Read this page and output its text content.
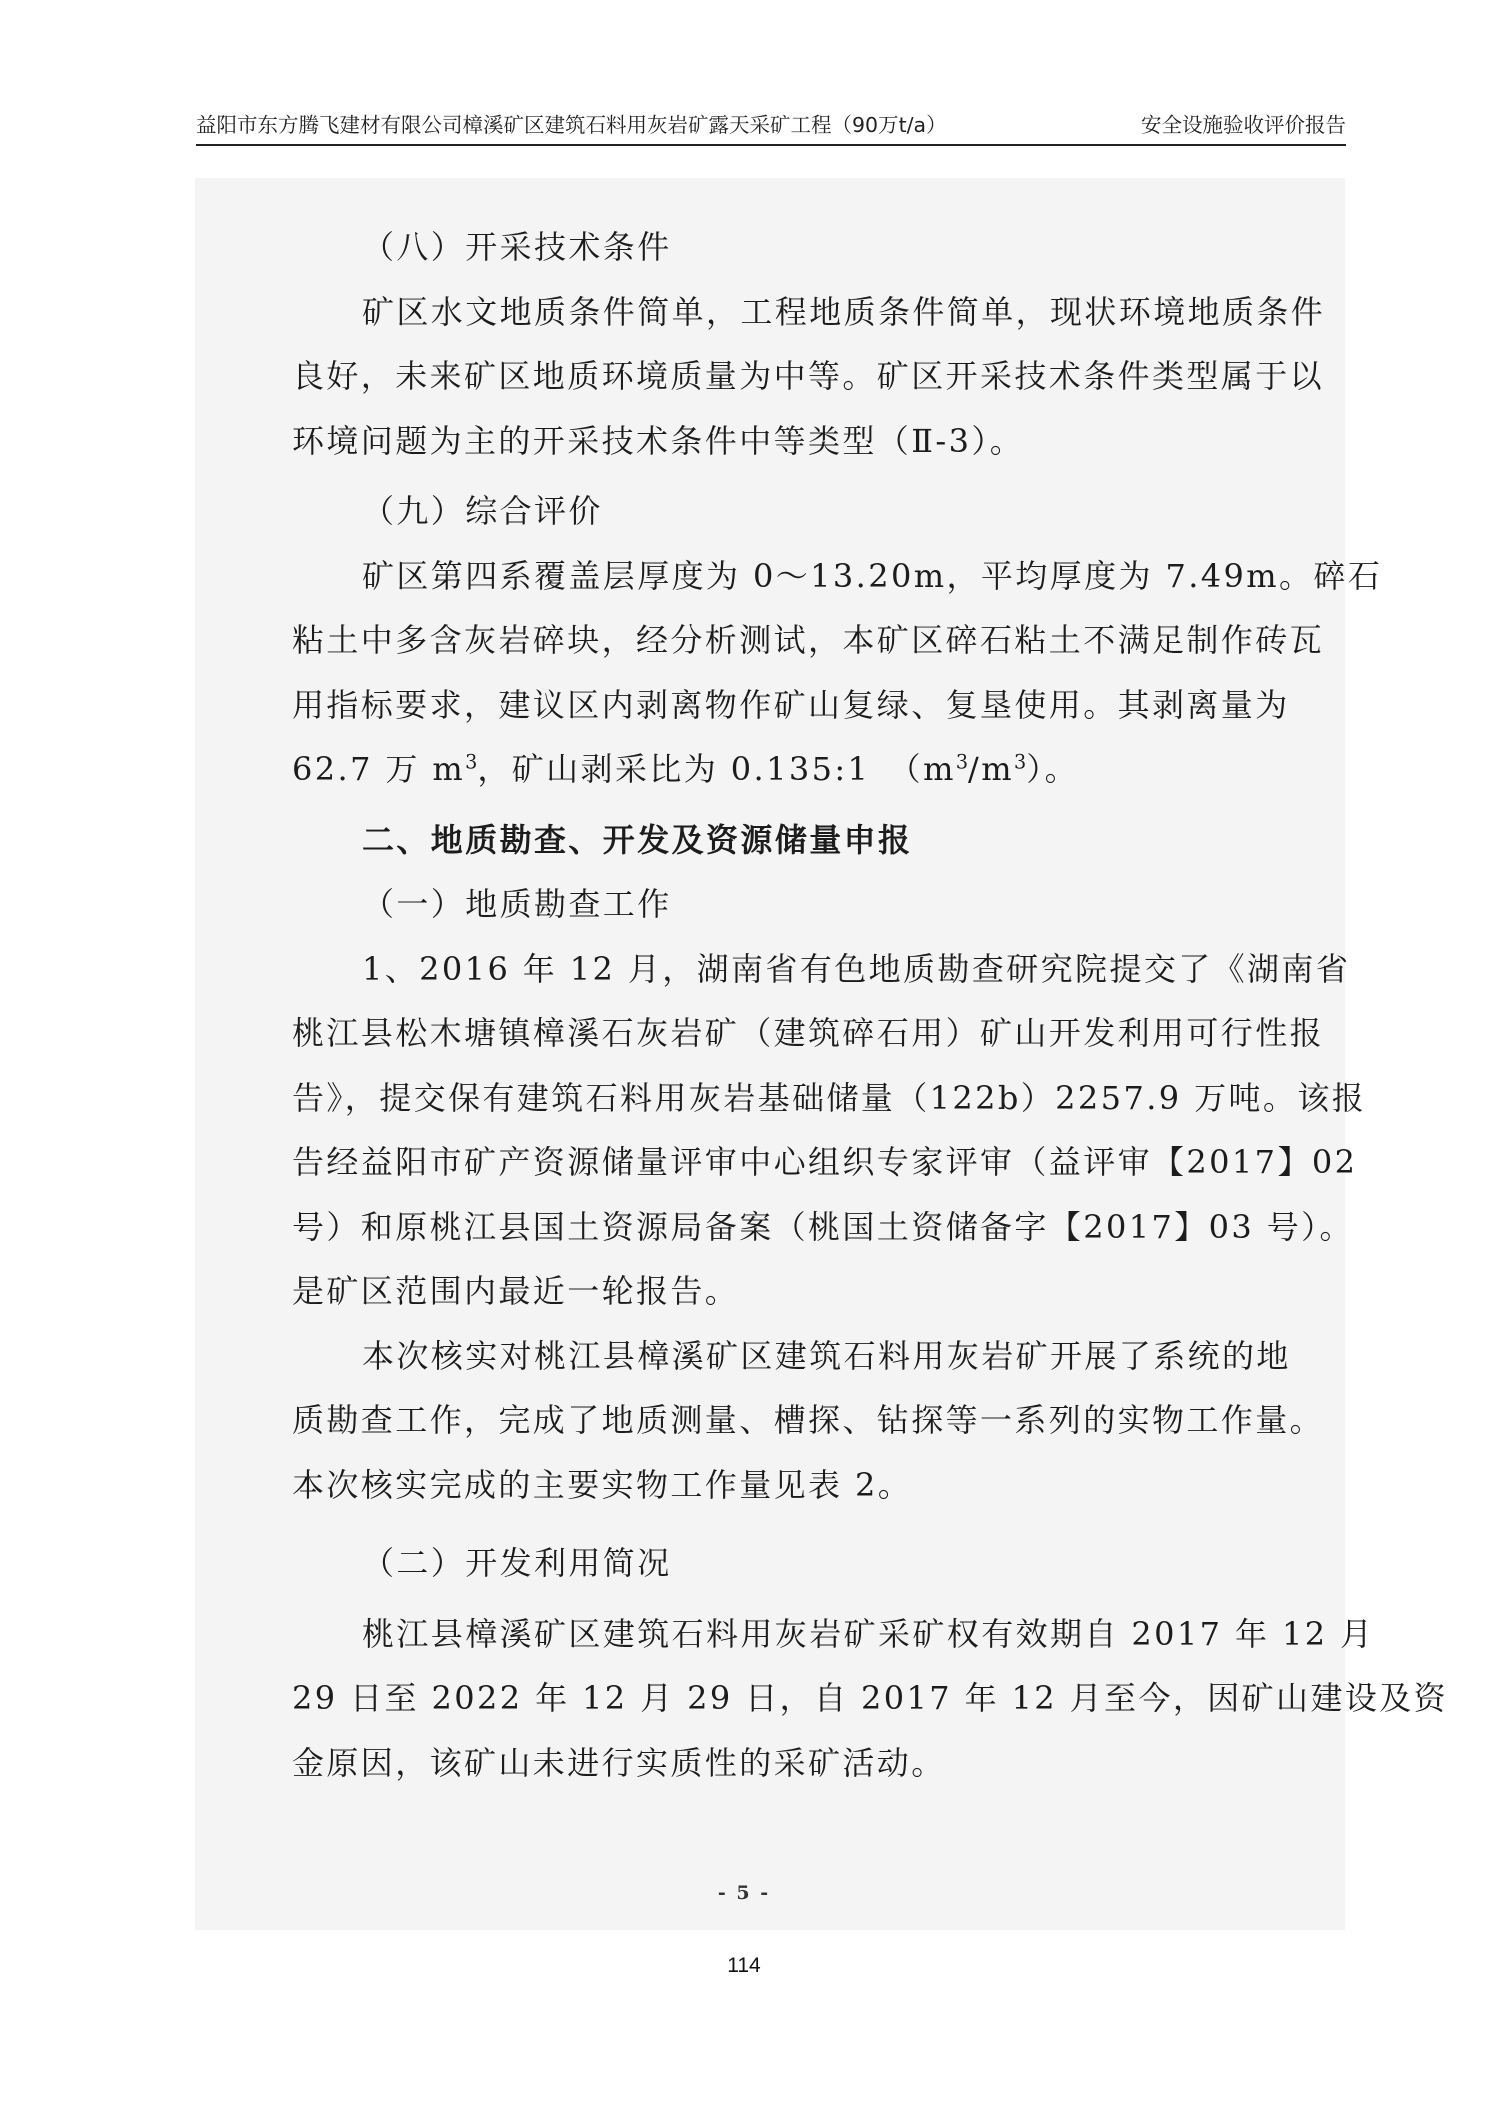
益阳市东方腾飞建材有限公司樟溪矿区建筑石料用灰岩矿露天采矿工程（90万t/a）	安全设施验收评价报告

（八）开采技术条件

矿区水文地质条件简单，工程地质条件简单，现状环境地质条件
良好，未来矿区地质环境质量为中等。矿区开采技术条件类型属于以
环境问题为主的开采技术条件中等类型（Ⅱ-3）。

（九）综合评价

矿区第四系覆盖层厚度为 0～13.20m，平均厚度为 7.49m。碎石
粘土中多含灰岩碎块，经分析测试，本矿区碎石粘土不满足制作砖瓦
用指标要求，建议区内剥离物作矿山复绿、复垦使用。其剥离量为
62.7 万 $m^3$，矿山剥采比为 0.135:1　$(m^3/m^3)$。

二、地质勘查、开发及资源储量申报

（一）地质勘查工作

1、2016 年 12 月，湖南省有色地质勘查研究院提交了《湖南省
桃江县松木塘镇樟溪石灰岩矿（建筑碎石用）矿山开发利用可行性报
告》，提交保有建筑石料用灰岩基础储量（122b）2257.9 万吨。该报
告经益阳市矿产资源储量评审中心组织专家评审（益评审【2017】02
号）和原桃江县国土资源局备案（桃国土资储备字【2017】03 号）。
是矿区范围内最近一轮报告。

本次核实对桃江县樟溪矿区建筑石料用灰岩矿开展了系统的地
质勘查工作，完成了地质测量、槽探、钻探等一系列的实物工作量。
本次核实完成的主要实物工作量见表 2。

（二）开发利用简况

桃江县樟溪矿区建筑石料用灰岩矿采矿权有效期自 2017 年 12 月
29 日至 2022 年 12 月 29 日，自 2017 年 12 月至今，因矿山建设及资
金原因，该矿山未进行实质性的采矿活动。

- 5 -
114
